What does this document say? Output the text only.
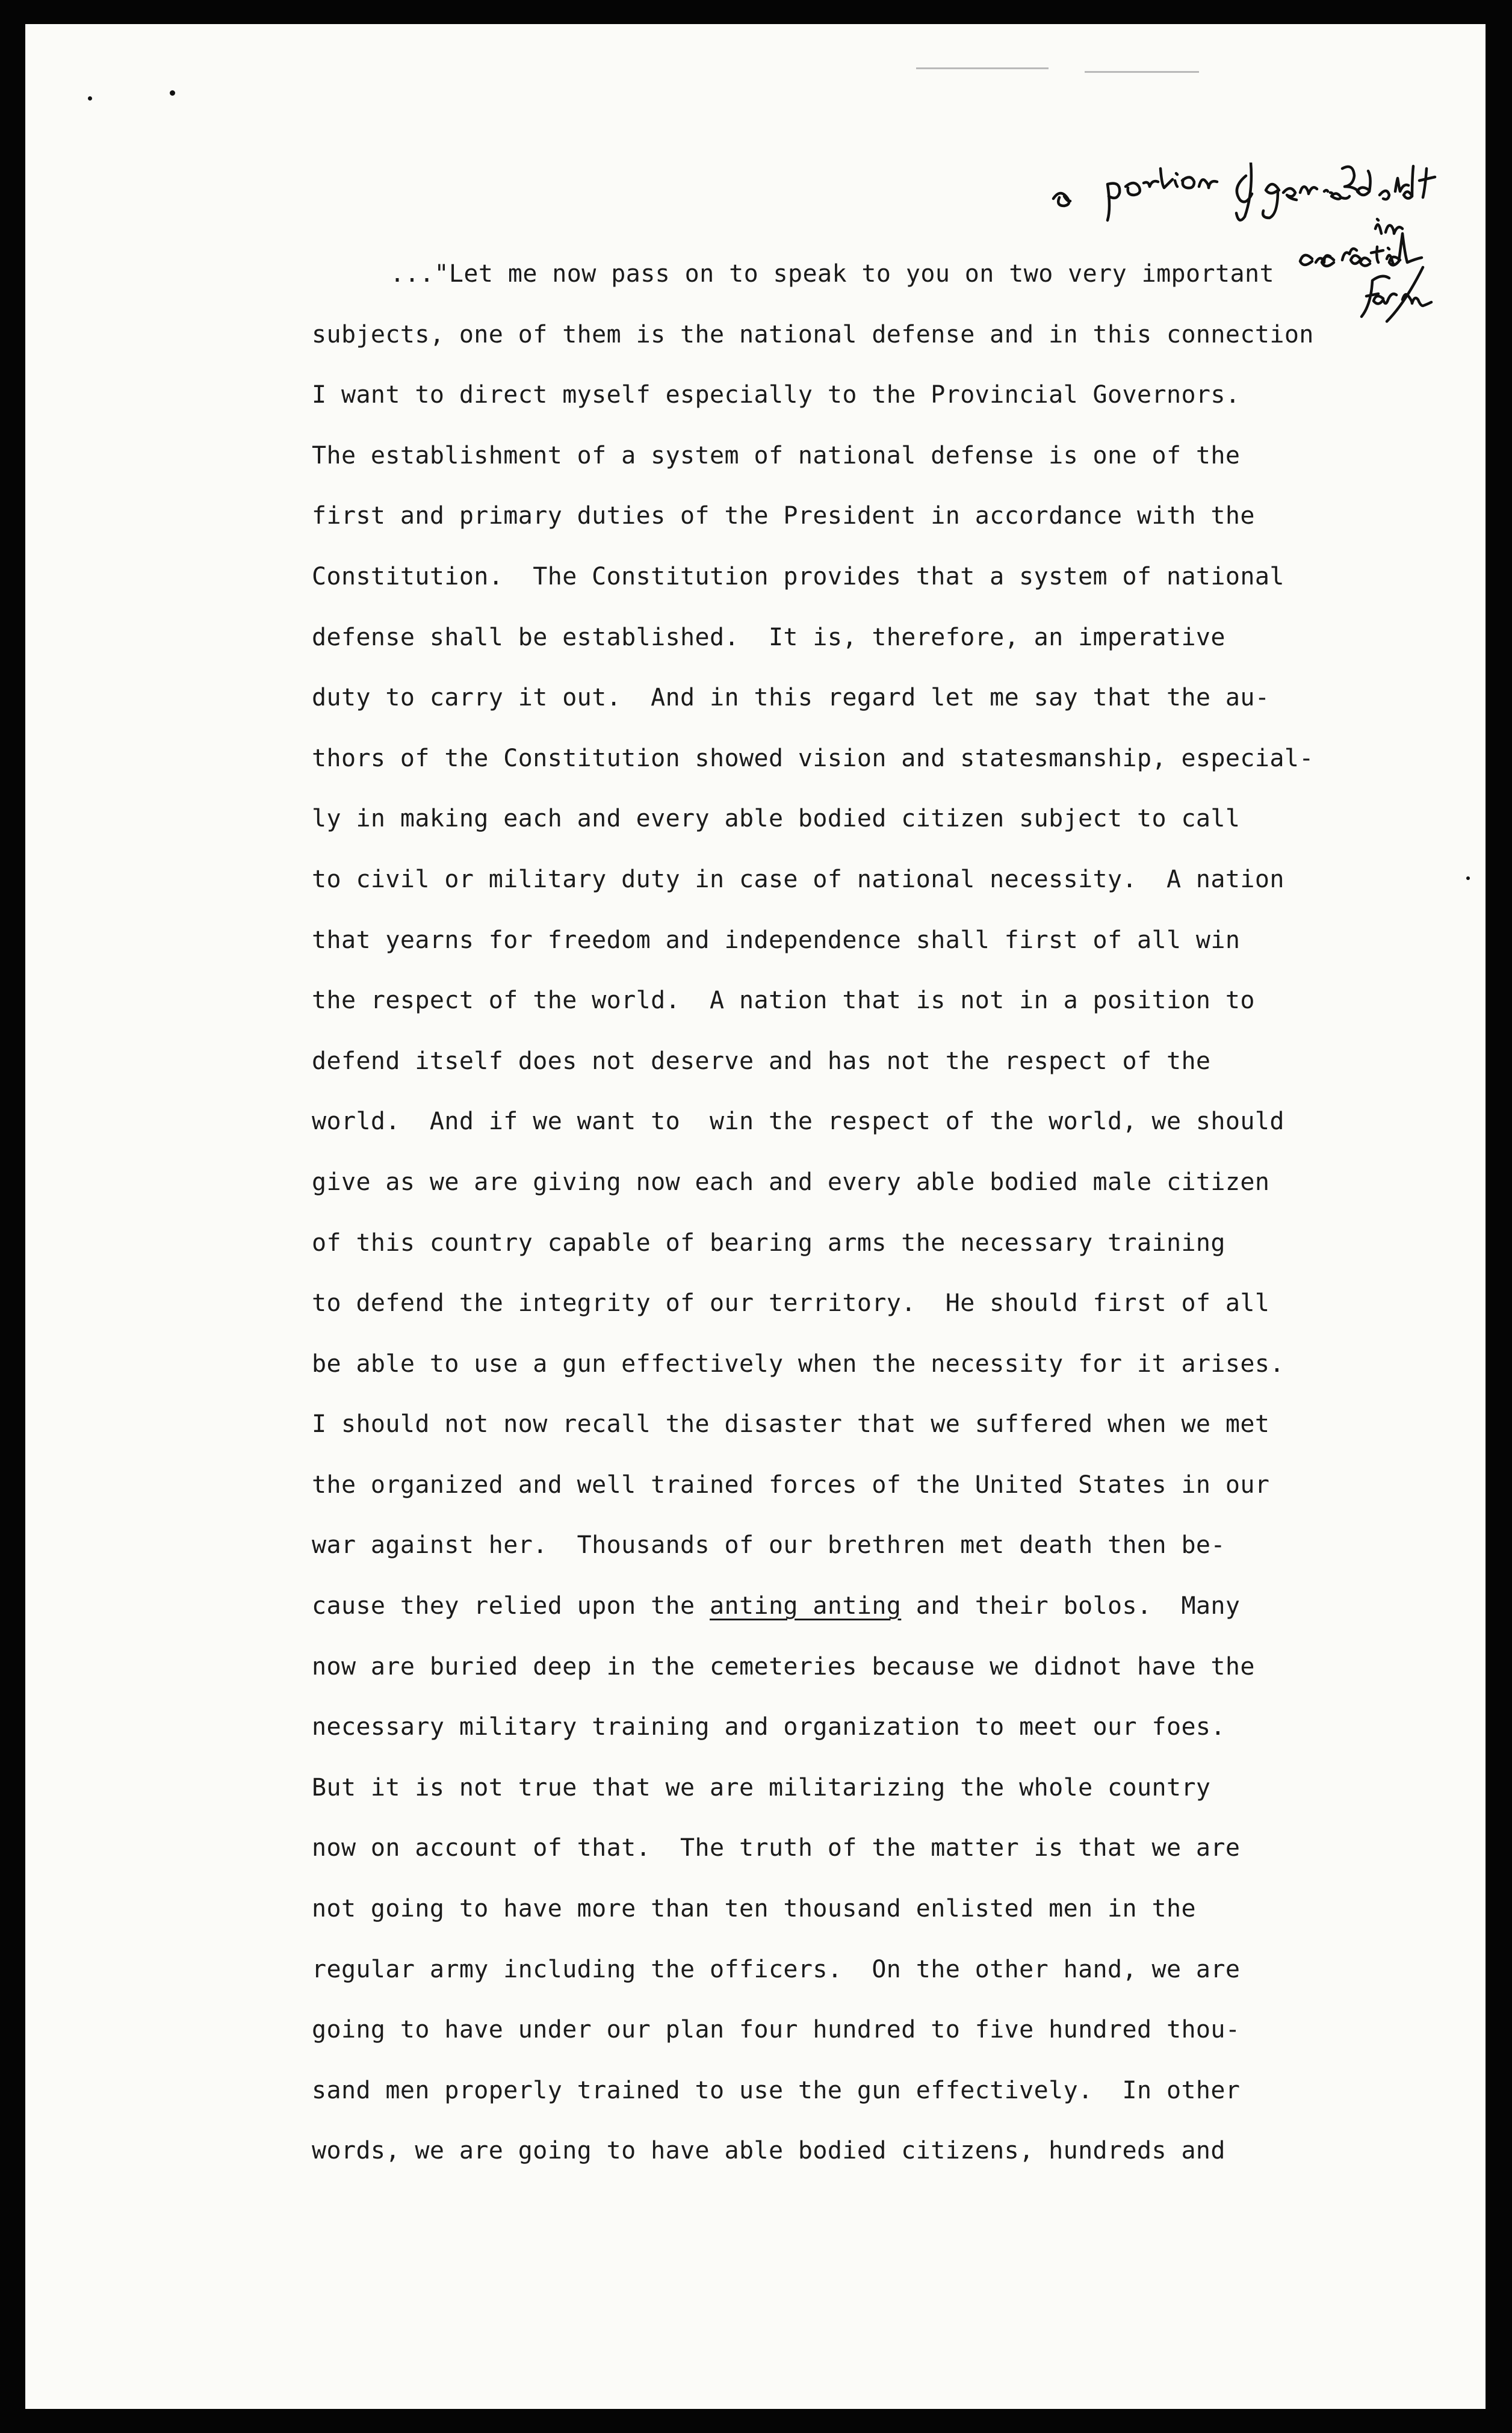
..."Let me now pass on to speak to you on two very important
subjects, one of them is the national defense and in this connection
I want to direct myself especially to the Provincial Governors.
The establishment of a system of national defense is one of the
first and primary duties of the President in accordance with the
Constitution.  The Constitution provides that a system of national
defense shall be established.  It is, therefore, an imperative
duty to carry it out.  And in this regard let me say that the au-
thors of the Constitution showed vision and statesmanship, especial-
ly in making each and every able bodied citizen subject to call
to civil or military duty in case of national necessity.  A nation
that yearns for freedom and independence shall first of all win
the respect of the world.  A nation that is not in a position to
defend itself does not deserve and has not the respect of the
world.  And if we want to  win the respect of the world, we should
give as we are giving now each and every able bodied male citizen
of this country capable of bearing arms the necessary training
to defend the integrity of our territory.  He should first of all
be able to use a gun effectively when the necessity for it arises.
I should not now recall the disaster that we suffered when we met
the organized and well trained forces of the United States in our
war against her.  Thousands of our brethren met death then be-
cause they relied upon the anting anting and their bolos.  Many
now are buried deep in the cemeteries because we didnot have the
necessary military training and organization to meet our foes.
But it is not true that we are militarizing the whole country
now on account of that.  The truth of the matter is that we are
not going to have more than ten thousand enlisted men in the
regular army including the officers.  On the other hand, we are
going to have under our plan four hundred to five hundred thou-
sand men properly trained to use the gun effectively.  In other
words, we are going to have able bodied citizens, hundreds and
